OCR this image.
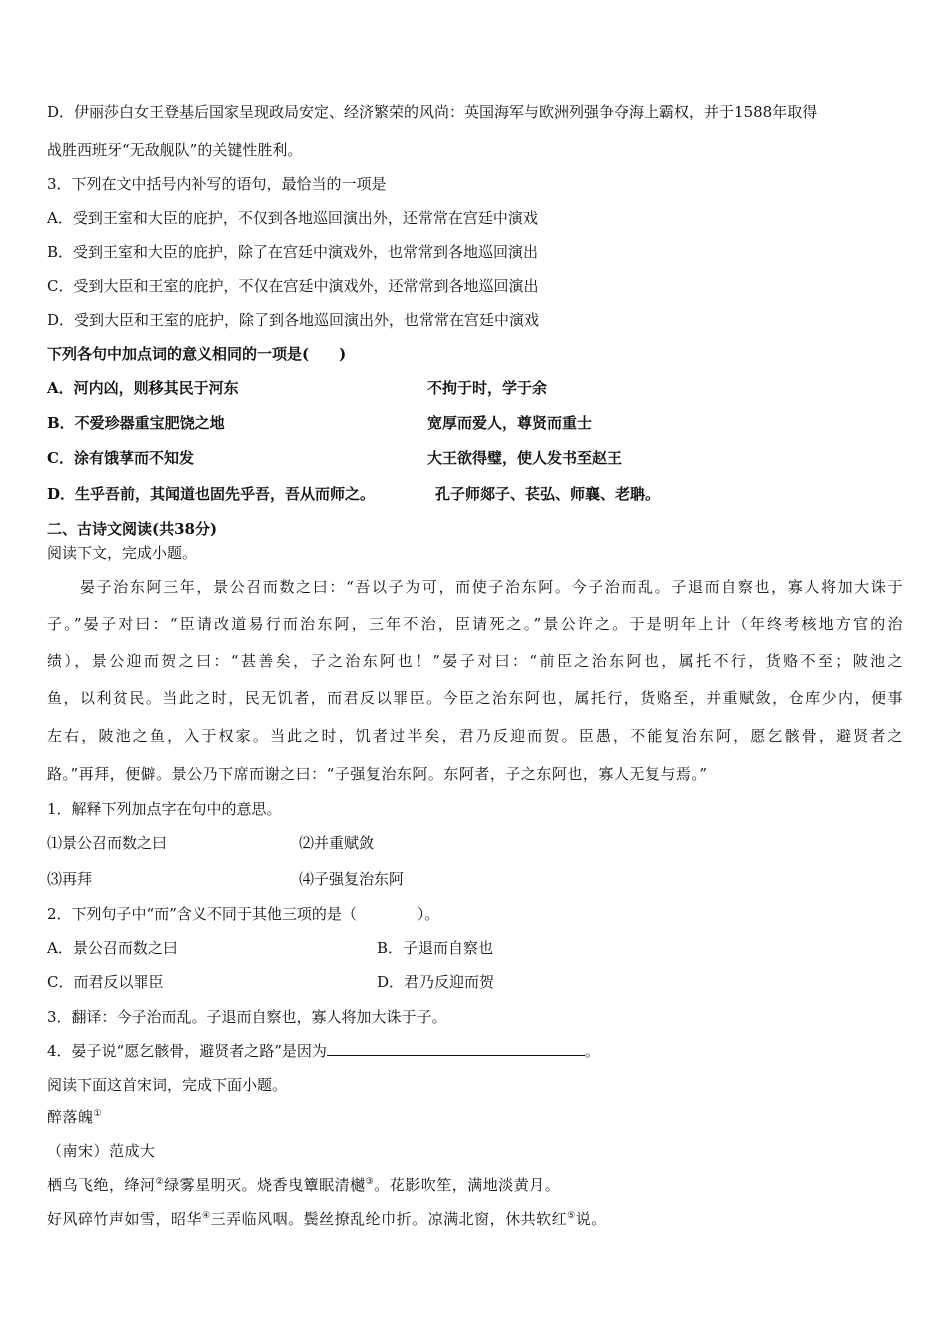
D．伊丽莎白女王登基后国家呈现政局安定、经济繁荣的风尚：英国海军与欧洲列强争夺海上霸权，并于1588年取得
战胜西班牙“无敌舰队”的关键性胜利。
3．下列在文中括号内补写的语句，最恰当的一项是
A．受到王室和大臣的庇护，不仅到各地巡回演出外，还常常在宫廷中演戏
B．受到王室和大臣的庇护，除了在宫廷中演戏外，也常常到各地巡回演出
C．受到大臣和王室的庇护，不仅在宫廷中演戏外，还常常到各地巡回演出
D．受到大臣和王室的庇护，除了到各地巡回演出外，也常常在宫廷中演戏
下列各句中加点词的意义相同的一项是(　　)
A．河内凶，则移其民于河东	不拘于时，学于余
B．不爱珍器重宝肥饶之地	宽厚而爱人，尊贤而重士
C．涂有饿莩而不知发	大王欲得璧，使人发书至赵王
D．生乎吾前，其闻道也固先乎吾，吾从而师之。	孔子师郯子、苌弘、师襄、老聃。
二、古诗文阅读(共38分)
阅读下文，完成小题。
晏子治东阿三年，景公召而数之曰：“吾以子为可，而使子治东阿。今子治而乱。子退而自察也，寡人将加大诛于
子。”晏子对曰：“臣请改道易行而治东阿，三年不治，臣请死之。”景公许之。于是明年上计（年终考核地方官的治
绩），景公迎而贺之曰：“甚善矣，子之治东阿也！”晏子对曰：“前臣之治东阿也，属托不行，货赂不至；陂池之
鱼，以利贫民。当此之时，民无饥者，而君反以罪臣。今臣之治东阿也，属托行，货赂至，并重赋敛，仓库少内，便事
左右，陂池之鱼，入于权家。当此之时，饥者过半矣，君乃反迎而贺。臣愚，不能复治东阿，愿乞骸骨，避贤者之
路。”再拜，便僻。景公乃下席而谢之曰：“子强复治东阿。东阿者，子之东阿也，寡人无复与焉。”
1．解释下列加点字在句中的意思。
⑴景公召而数之曰	⑵并重赋敛
⑶再拜	⑷子强复治东阿
2．下列句子中“而”含义不同于其他三项的是（　　　　）。
A．景公召而数之曰	B．子退而自察也
C．而君反以罪臣	D．君乃反迎而贺
3．翻译：今子治而乱。子退而自察也，寡人将加大诛于子。
4．晏子说“愿乞骸骨，避贤者之路”是因为	。
阅读下面这首宋词，完成下面小题。
醉落魄①
（南宋）范成大
栖乌飞绝，绛河②绿雾星明灭。烧香曳簟眠清樾③。花影吹笙，满地淡黄月。
好风碎竹声如雪，昭华④三弄临风咽。鬓丝撩乱纶巾折。凉满北窗，休共软红⑤说。
